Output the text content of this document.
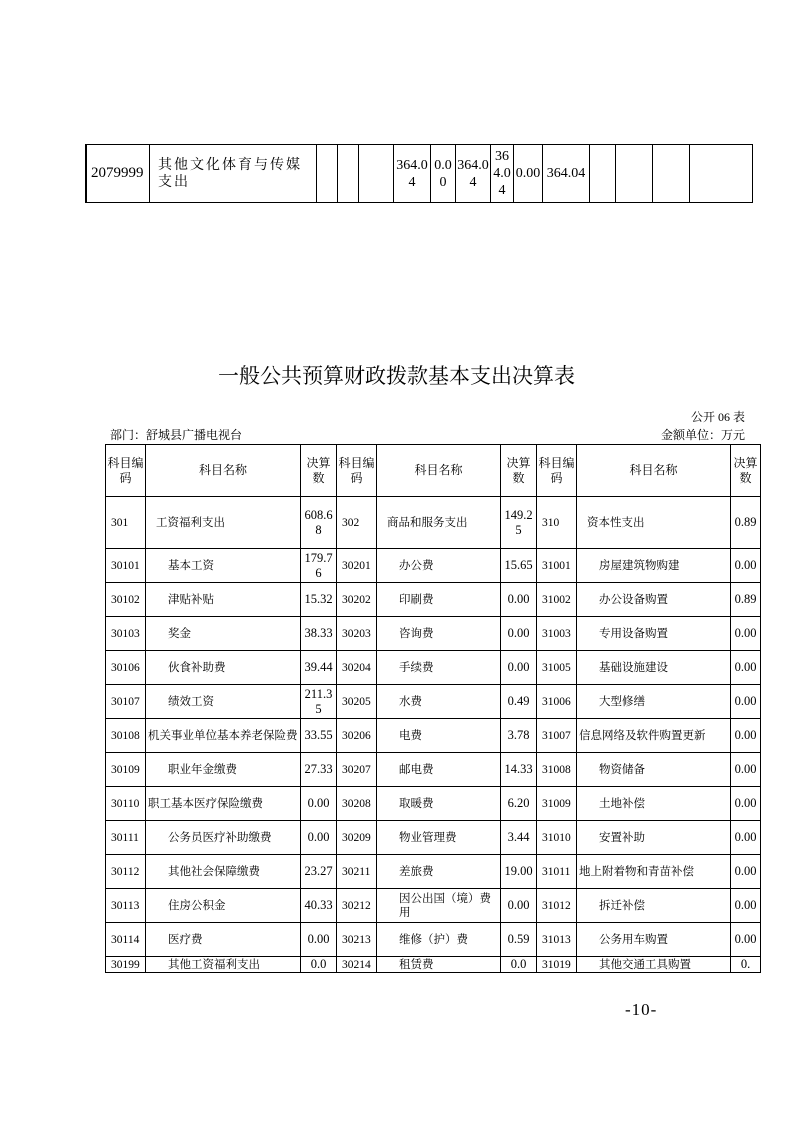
2079999	其他文化体育与传媒支出				364.04	0.00	364.04	364.04	0.00	364.04				
一般公共预算财政拨款基本支出决算表
公开 06 表
部门：舒城县广播电视台	金额单位：万元
科目编码	科目名称	决算数	科目编码	科目名称	决算数	科目编码	科目名称	决算数
301	工资福利支出	608.68	302	商品和服务支出	149.25	310	资本性支出	0.89
30101	基本工资	179.76	30201	办公费	15.65	31001	房屋建筑物购建	0.00
30102	津贴补贴	15.32	30202	印刷费	0.00	31002	办公设备购置	0.89
30103	奖金	38.33	30203	咨询费	0.00	31003	专用设备购置	0.00
30106	伙食补助费	39.44	30204	手续费	0.00	31005	基础设施建设	0.00
30107	绩效工资	211.35	30205	水费	0.49	31006	大型修缮	0.00
30108	机关事业单位基本养老保险费	33.55	30206	电费	3.78	31007	信息网络及软件购置更新	0.00
30109	职业年金缴费	27.33	30207	邮电费	14.33	31008	物资储备	0.00
30110	职工基本医疗保险缴费	0.00	30208	取暖费	6.20	31009	土地补偿	0.00
30111	公务员医疗补助缴费	0.00	30209	物业管理费	3.44	31010	安置补助	0.00
30112	其他社会保障缴费	23.27	30211	差旅费	19.00	31011	地上附着物和青苗补偿	0.00
30113	住房公积金	40.33	30212	因公出国（境）费用	0.00	31012	拆迁补偿	0.00
30114	医疗费	0.00	30213	维修（护）费	0.59	31013	公务用车购置	0.00
30199	其他工资福利支出	0.0	30214	租赁费	0.0	31019	其他交通工具购置	0.
-10-
